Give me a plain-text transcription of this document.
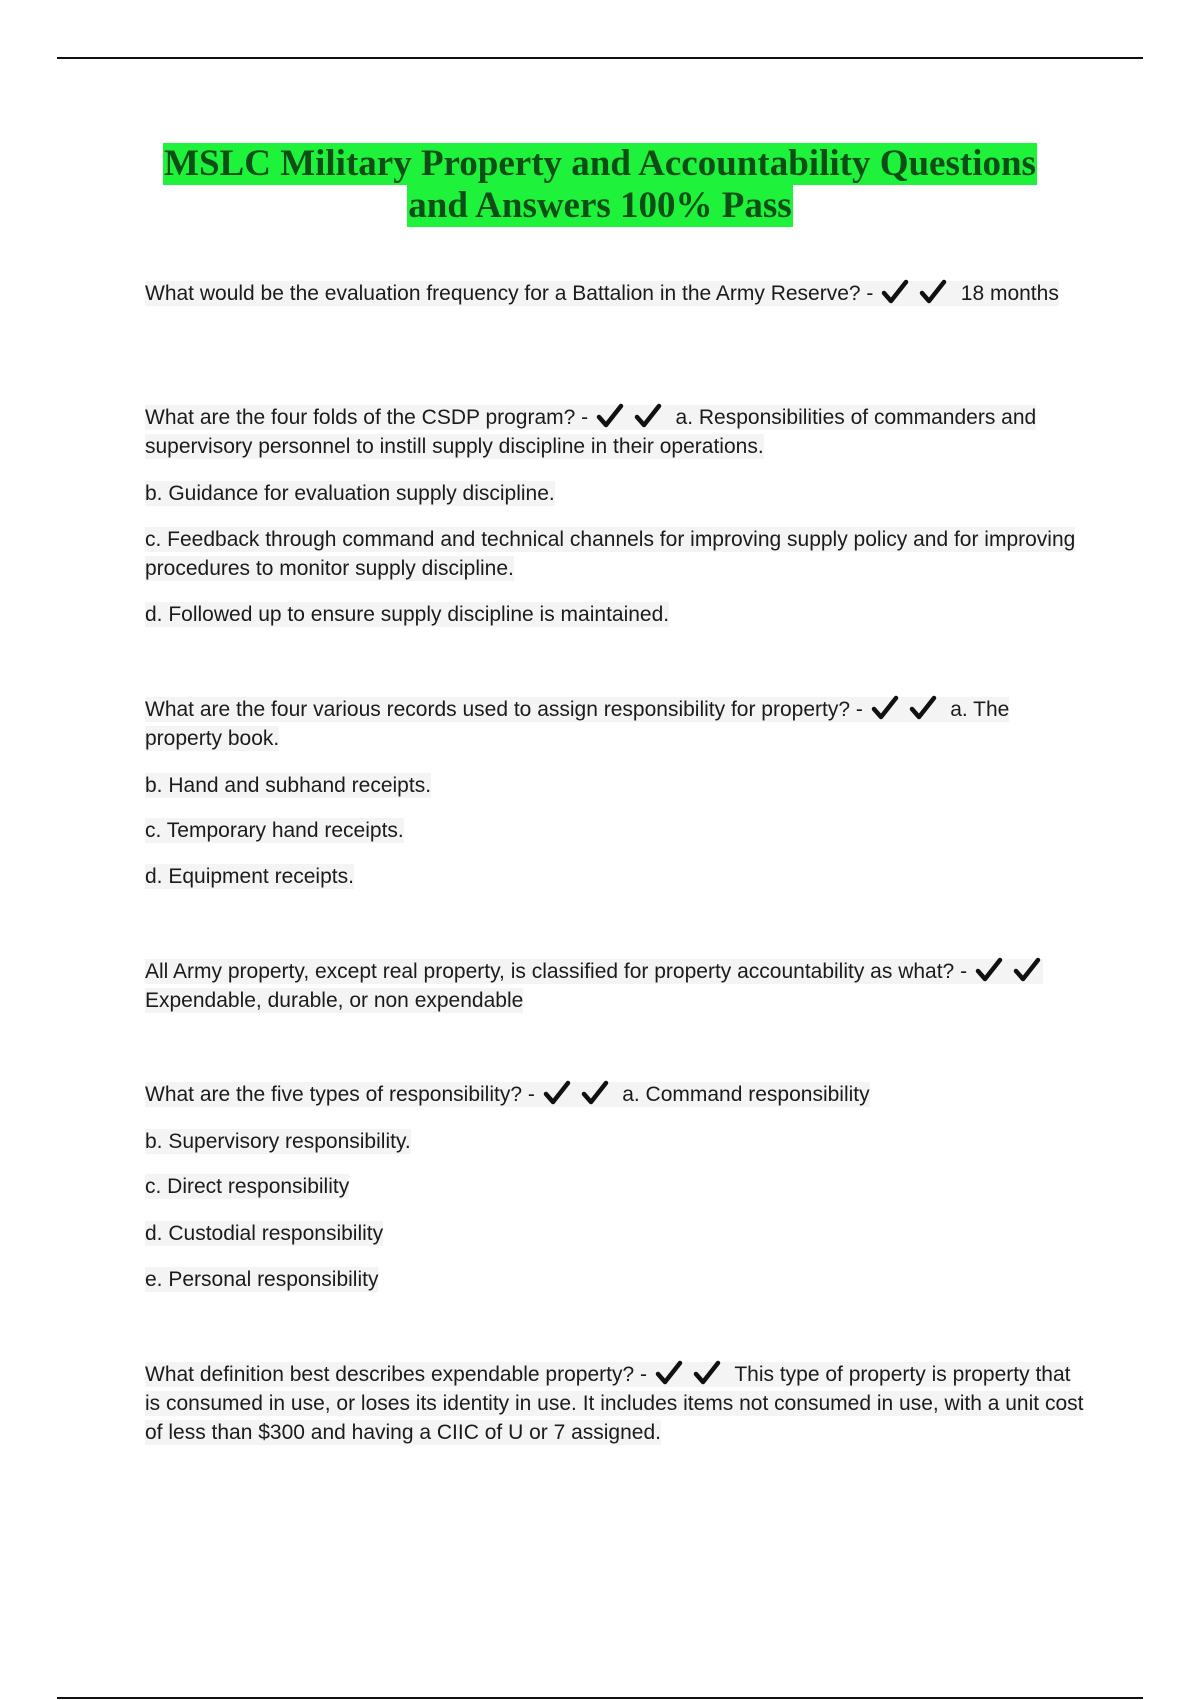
MSLC Military Property and Accountability Questions
and Answers 100% Pass
What would be the evaluation frequency for a Battalion in the Army Reserve? -
	18 months
What are the four folds of the CSDP program? -
	a. Responsibilities of commanders and supervisory personnel to instill supply discipline in their operations.
b. Guidance for evaluation supply discipline.
c. Feedback through command and technical channels for improving supply policy and for improving procedures to monitor supply discipline.
d. Followed up to ensure supply discipline is maintained.
What are the four various records used to assign responsibility for property? -
	a. The property book.
b. Hand and subhand receipts.
c. Temporary hand receipts.
d. Equipment receipts.
All Army property, except real property, is classified for property accountability as what? -

Expendable, durable, or non expendable
What are the five types of responsibility? -
	a. Command responsibility
b. Supervisory responsibility.
c. Direct responsibility
d. Custodial responsibility
e. Personal responsibility
What definition best describes expendable property? -
	This type of property is property that is consumed in use, or loses its identity in use. It includes items not consumed in use, with a unit cost of less than $300 and having a CIIC of U or 7 assigned.
